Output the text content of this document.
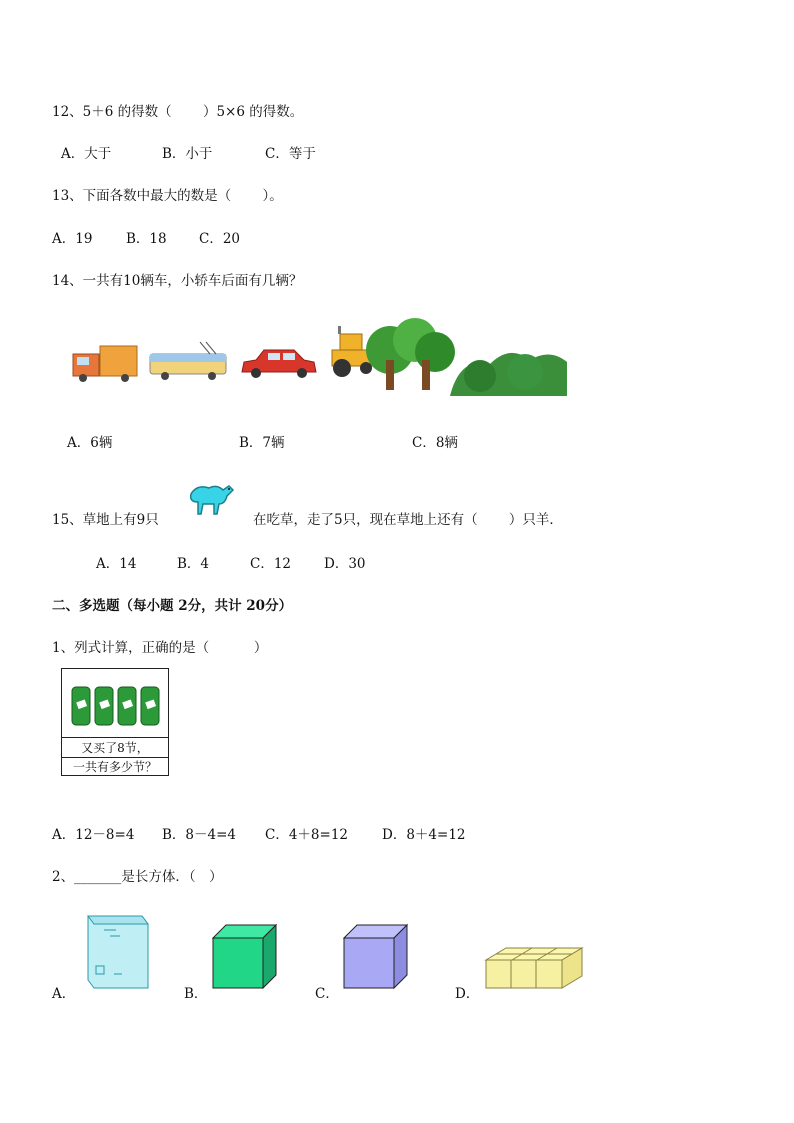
12、5＋6 的得数（　　 ）5×6 的得数。
A．大于	B．小于	C．等于
13、下面各数中最大的数是（　　 ）。
A．19 B．18 C．20
14、一共有10辆车，小轿车后面有几辆？
A．6辆	B．7辆	C．8辆
15、草地上有9只	在吃草，走了5只，现在草地上还有（　　 ）只羊．
A．14	B．4	C．12 D．30
二、多选题（每小题 2分，共计 20分）
1、列式计算，正确的是（　　　 ）
又买了8节，
一共有多少节？
A．12－8=4 B．8－4=4 C．4＋8=12	D．8＋4=12
2、_______是长方体．（　）
A．	B．	C．	D．
